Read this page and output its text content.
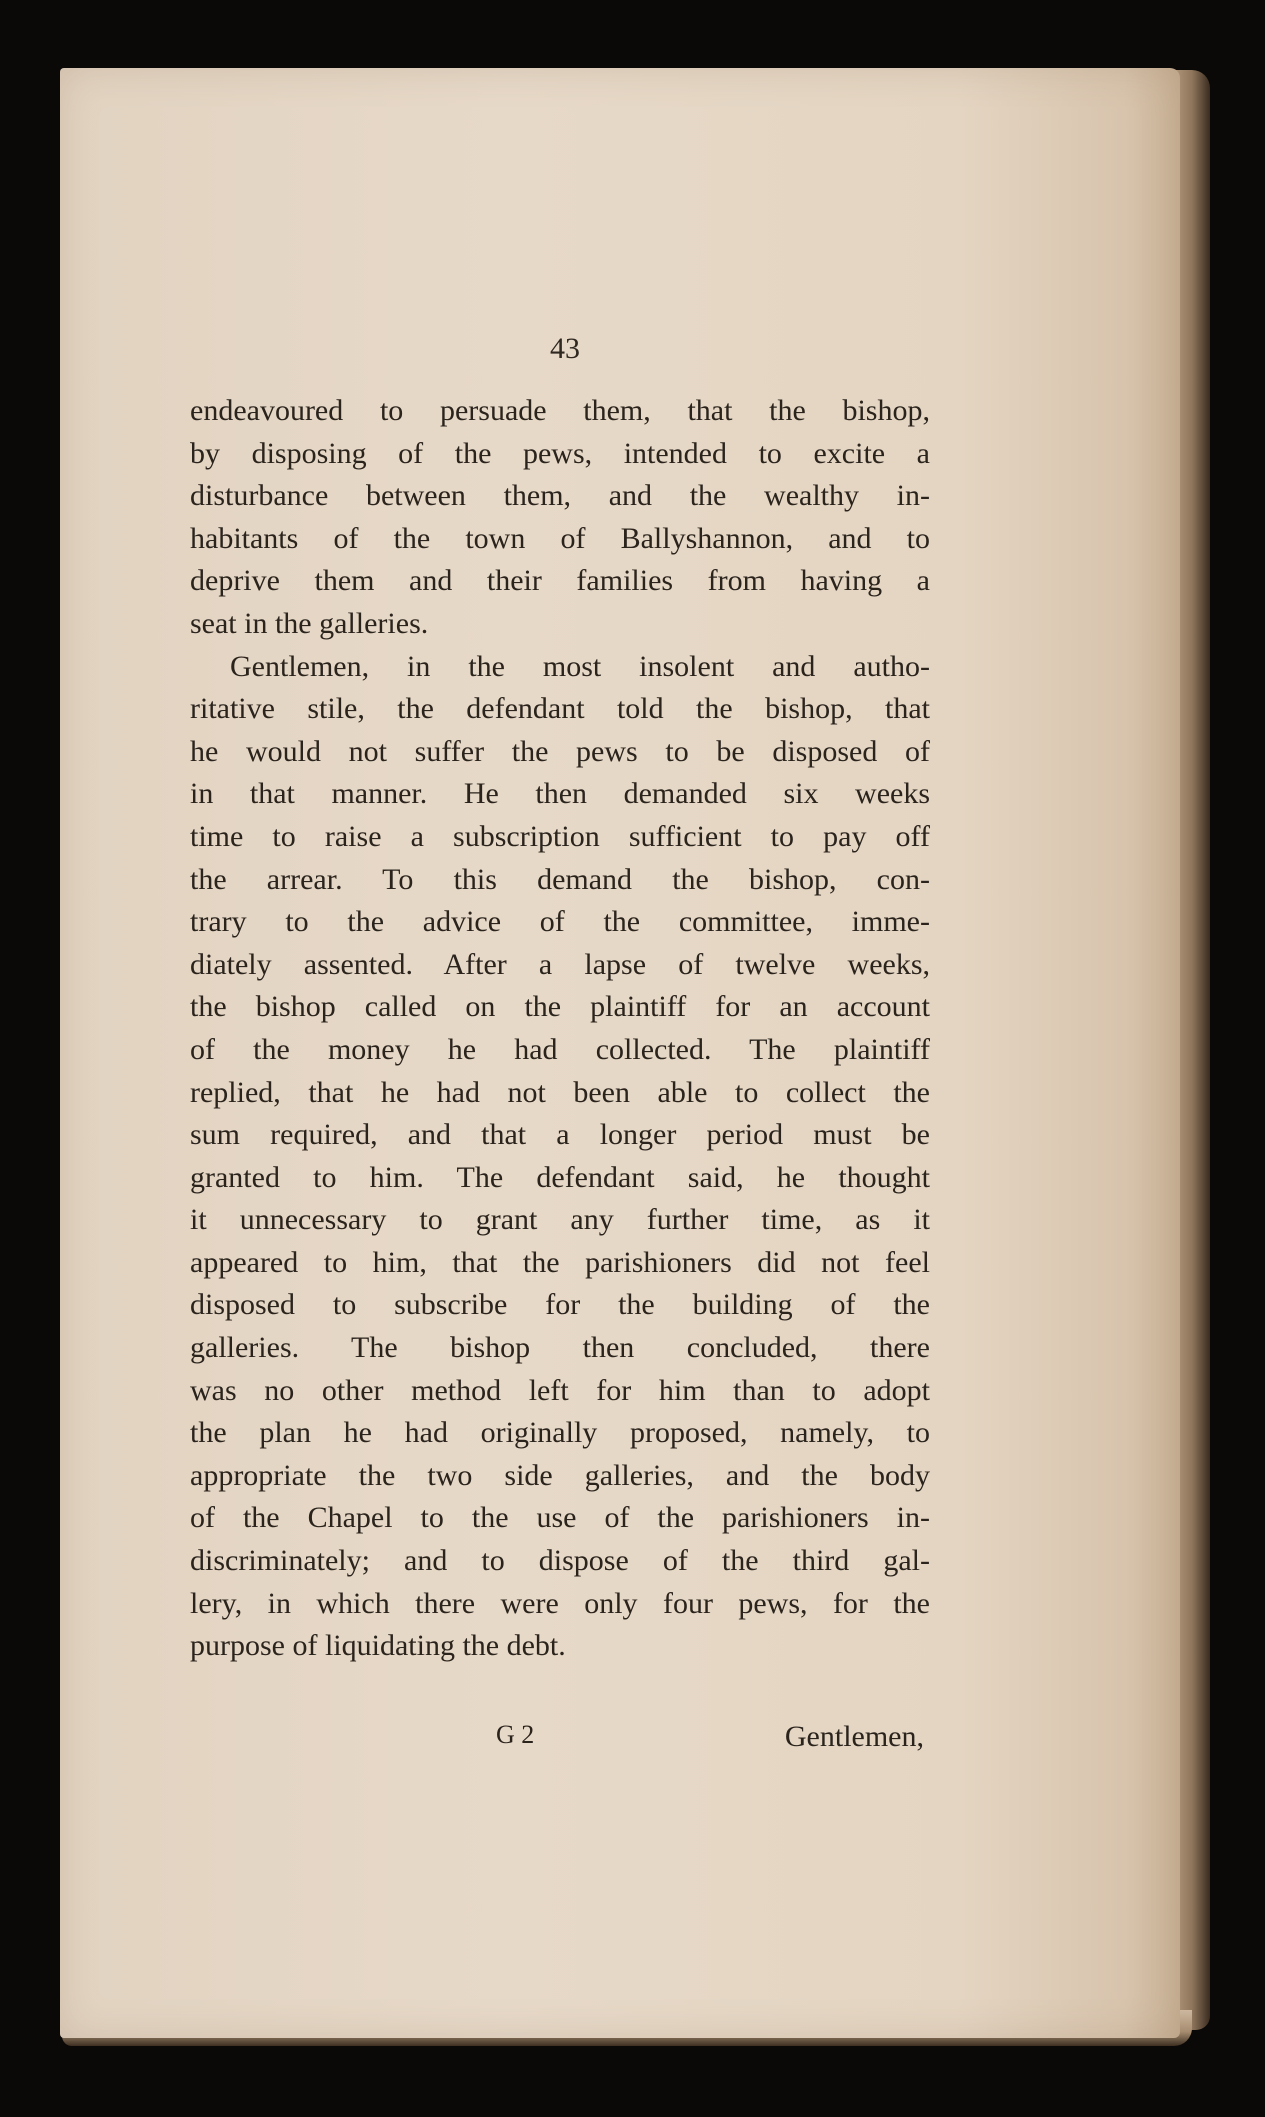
43
endeavoured to persuade them, that the bishop,
by disposing of the pews, intended to excite a
disturbance between them, and the wealthy in-
habitants of the town of Ballyshannon, and to
deprive them and their families from having a
seat in the galleries.
Gentlemen, in the most insolent and autho-
ritative stile, the defendant told the bishop, that
he would not suffer the pews to be disposed of
in that manner. He then demanded six weeks
time to raise a subscription sufficient to pay off
the arrear. To this demand the bishop, con-
trary to the advice of the committee, imme-
diately assented. After a lapse of twelve weeks,
the bishop called on the plaintiff for an account
of the money he had collected. The plaintiff
replied, that he had not been able to collect the
sum required, and that a longer period must be
granted to him. The defendant said, he thought
it unnecessary to grant any further time, as it
appeared to him, that the parishioners did not feel
disposed to subscribe for the building of the
galleries. The bishop then concluded, there
was no other method left for him than to adopt
the plan he had originally proposed, namely, to
appropriate the two side galleries, and the body
of the Chapel to the use of the parishioners in-
discriminately; and to dispose of the third gal-
lery, in which there were only four pews, for the
purpose of liquidating the debt.
G 2	Gentlemen,
